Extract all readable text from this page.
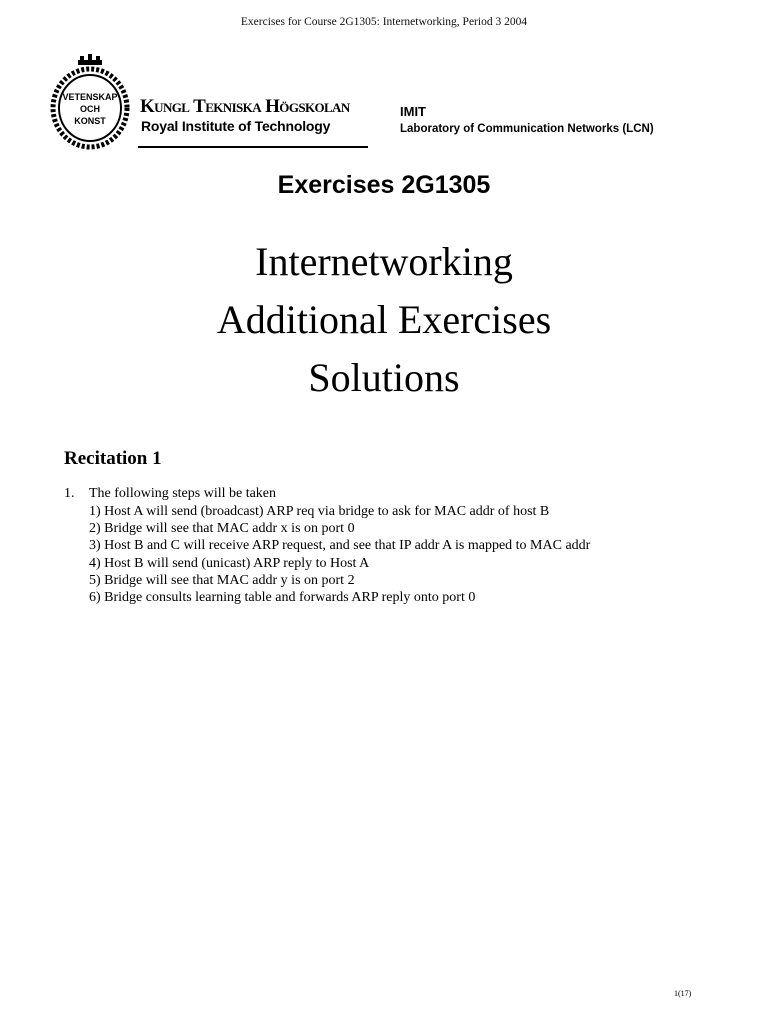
Exercises for Course 2G1305: Internetworking, Period 3 2004
VETENSKAP
OCH
KONST
Kungl Tekniska Högskolan
Royal Institute of Technology
IMIT
Laboratory of Communication Networks (LCN)
Exercises 2G1305
Internetworking
Additional Exercises
Solutions
Recitation 1
1. The following steps will be taken
1) Host A will send (broadcast) ARP req via bridge to ask for MAC addr of host B
2) Bridge will see that MAC addr x is on port 0
3) Host B and C will receive ARP request, and see that IP addr A is mapped to MAC addr
4) Host B will send (unicast) ARP reply to Host A
5) Bridge will see that MAC addr y is on port 2
6) Bridge consults learning table and forwards ARP reply onto port 0
1(17)
